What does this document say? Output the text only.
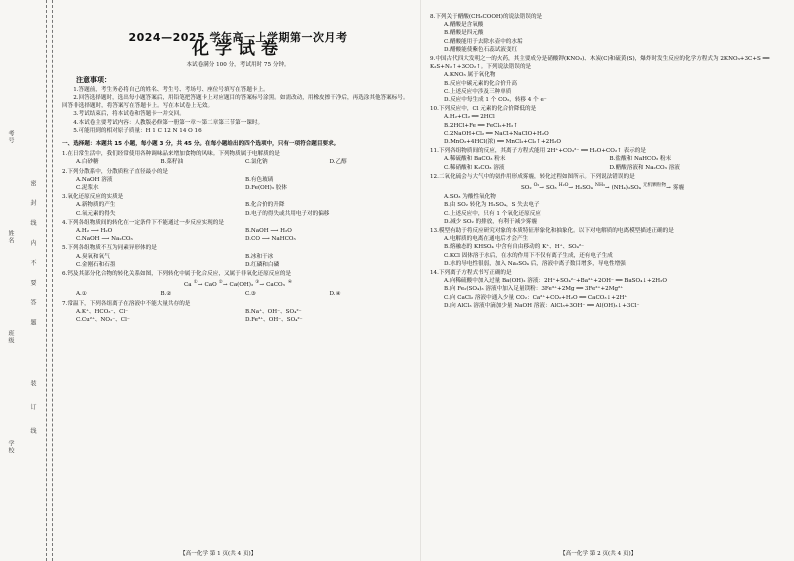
学校
班级
姓名
考号
密 封 线 内 不 要 答 题
装 订 线
2024—2025 学年高一上学期第一次月考
化学试卷
本试卷满分 100 分，考试用时 75 分钟。
注意事项：

1.答题前，考生务必将自己的姓名、考生号、考场号、座位号填写在答题卡上。

2.回答选择题时，选出每小题答案后，用铅笔把答题卡上对应题目的答案标号涂黑。如需改动，用橡皮擦干净后，再选涂其他答案标号。回答非选择题时，将答案写在答题卡上。写在本试卷上无效。

3.考试结束后，将本试卷和答题卡一并交回。

4.本试卷主要考试内容：人教版必修第一册第一章～第二章第三节第一课时。

5.可能用到的相对原子质量：H 1 C 12 N 14 O 16

一、选择题：本题共 15 小题，每小题 3 分，共 45 分。在每小题给出的四个选项中，只有一项符合题目要求。
1.在日常生活中，我们经常使用各种调味品来增加食物的风味。下列物质属于电解质的是
A.白砂糖	B.菜籽油	C.氯化钠	D.乙醇
2.下列分散系中，分散质粒子直径最小的是
A.NaOH 溶液	B.有色玻璃
C.泥浆水	D.Fe(OH)₃ 胶体
3.氧化还原反应的实质是
A.新物质的产生	B.化合价的升降
C.氧元素的得失	D.电子的得失或共用电子对的偏移
4.下列各组物质间的转化在一定条件下不能通过一步反应实现的是
A.H₂ ⟶ H₂O	B.NaOH ⟶ H₂O
C.NaOH ⟶ Na₂CO₃	D.CO ⟶ NaHCO₃
5.下列各组物质不互为同素异形体的是
A.臭氧和氧气	B.冰和干冰
C.金刚石和石墨	D.红磷和白磷
6.钙及其部分化合物的转化关系如图，下列转化中属于化合反应，又属于非氧化还原反应的是
Ca ①→ CaO ②→ Ca(OH)₂ ③→ CaCO₃ ④
A.①	B.②	C.③	D.④
7.常温下，下列各组离子在溶液中不能大量共存的是
A.K⁺、HCO₃⁻、Cl⁻	B.Na⁺、OH⁻、SO₄²⁻
C.Cu²⁺、NO₃⁻、Cl⁻	D.Fe³⁺、OH⁻、SO₄²⁻
8.下列关于醋酸(CH₃COOH)的说法错误的是
A.醋酸是含氧酸
B.醋酸是四元酸
C.醋酸能用于去除水壶中的水垢
D.醋酸能使紫色石蕊试液变红
9.中国古代四大发明之一的火药，其主要成分是硝酸钾(KNO₃)、木炭(C)和硫黄(S)，爆炸时发生反应的化学方程式为 2KNO₃+3C+S ══ K₂S+N₂↑+3CO₂↑。下列说法错误的是
A.KNO₃ 属于氧化物
B.反应中碳元素的化合价升高
C.上述反应中涉及三种单质
D.反应中每生成 1 个 CO₂，转移 4 个 e⁻
10.下列反应中，Cl 元素的化合价降低的是
A.H₂+Cl₂ ══ 2HCl
B.2HCl+Fe ══ FeCl₂+H₂↑
C.2NaOH+Cl₂ ══ NaCl+NaClO+H₂O
D.MnO₂+4HCl(浓) ══ MnCl₂+Cl₂↑+2H₂O
11.下列各组物质间的反应，其离子方程式能用 2H⁺+CO₃²⁻ ══ H₂O+CO₂↑ 表示的是
A.稀硫酸和 BaCO₃ 粉末	B.盐酸和 NaHCO₃ 粉末
C.稀硝酸和 K₂CO₃ 溶液	D.醋酸溶液和 Na₂CO₃ 溶液
12.二氧化硫会与大气中的氨作用形成雾霾，转化过程如图所示。下列说法错误的是
SO₂ $^{O_2}$→ SO₃ $^{H_2O}$→ H₂SO₄ $^{NH_3}$→ (NH₄)₂SO₄ $^{无机颗粒物}$→ 雾霾
A.SO₃ 为酸性氧化物
B.由 SO₂ 转化为 H₂SO₄，S 失去电子
C.上述反应中，只有 1 个氧化还原反应
D.减少 SO₂ 的排放，有利于减少雾霾
13.模型有助于将反应研究对象的本质特征形象化和抽象化。以下对电解质的电离模型描述正确的是
A.电解质的电离在通电后才会产生
B.熔融态的 KHSO₄ 中含有自由移动的 K⁺、H⁺、SO₄²⁻
C.KCl 固体溶于水后，在水的作用下不仅有离子生成，还有电子生成
D.水的导电性很弱，加入 Na₂SO₄ 后，溶液中离子数目增多，导电性增强
14.下列离子方程式书写正确的是
A.向稀硫酸中加入过量 Ba(OH)₂ 溶液：2H⁺+SO₄²⁻+Ba²⁺+2OH⁻ ══ BaSO₄↓+2H₂O
B.向 Fe₂(SO₄)₃ 溶液中加入足量镁粉：3Fe³⁺+2Mg ══ 3Fe²⁺+2Mg²⁺
C.向 CaCl₂ 溶液中通入少量 CO₂：Ca²⁺+CO₂+H₂O ══ CaCO₃↓+2H⁺
D.向 AlCl₃ 溶液中滴加少量 NaOH 溶液：AlCl₃+3OH⁻ ══ Al(OH)₃↓+3Cl⁻
【高一化学 第 1 页(共 4 页)】	【高一化学 第 2 页(共 4 页)】
